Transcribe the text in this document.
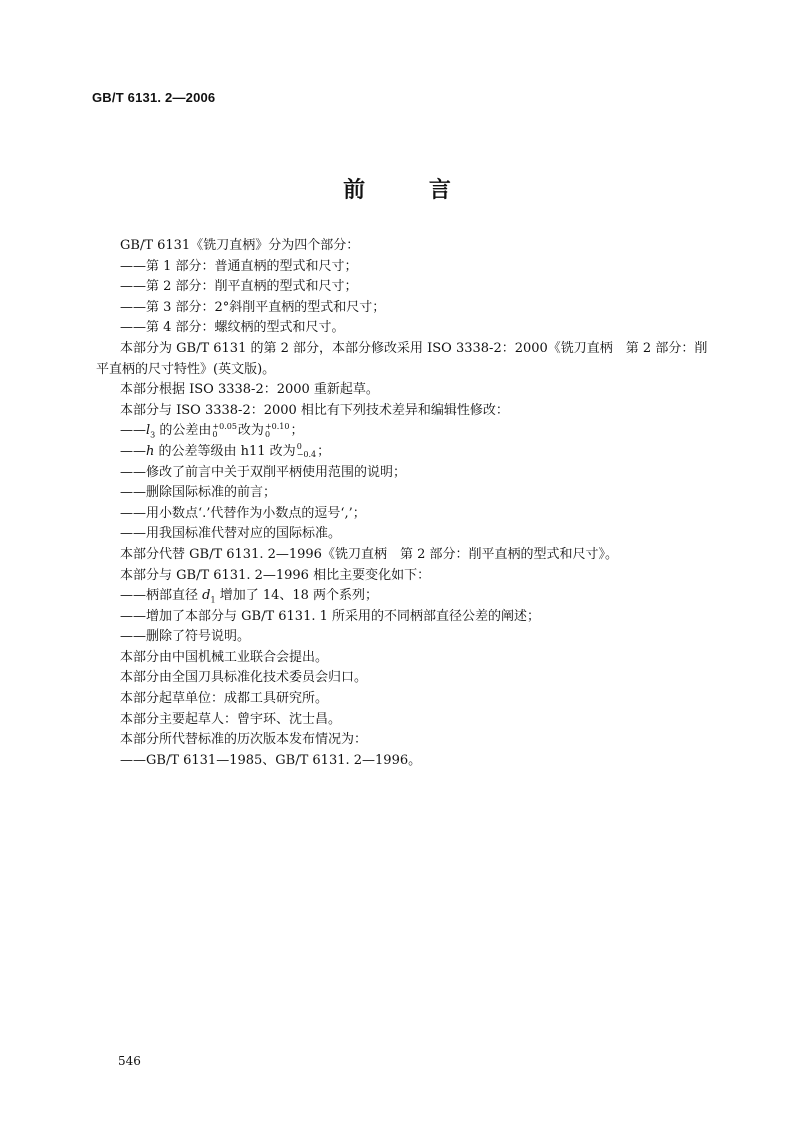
GB/T 6131. 2—2006
前 言
GB/T 6131《铣刀直柄》分为四个部分：
——第 1 部分：普通直柄的型式和尺寸；
——第 2 部分：削平直柄的型式和尺寸；
——第 3 部分：2°斜削平直柄的型式和尺寸；
——第 4 部分：螺纹柄的型式和尺寸。
本部分为 GB/T 6131 的第 2 部分，本部分修改采用 ISO 3338-2：2000《铣刀直柄　第 2 部分：削平直柄的尺寸特性》(英文版)。
本部分根据 ISO 3338-2：2000 重新起草。
本部分与 ISO 3338-2：2000 相比有下列技术差异和编辑性修改：
$——l_3$ 的公差由 +0.05
0	改为 +0.10
0	；
——h 的公差等级由 h11 改为 0
−0.4 ；
——修改了前言中关于双削平柄使用范围的说明；
——删除国际标准的前言；
——用小数点‘.’代替作为小数点的逗号‘,’；
——用我国标准代替对应的国际标准。
本部分代替 GB/T 6131. 2—1996《铣刀直柄　第 2 部分：削平直柄的型式和尺寸》。
本部分与 GB/T 6131. 2—1996 相比主要变化如下：
——柄部直径 $d_1$ 增加了 14、18 两个系列；
——增加了本部分与 GB/T 6131. 1 所采用的不同柄部直径公差的阐述；
——删除了符号说明。
本部分由中国机械工业联合会提出。
本部分由全国刀具标准化技术委员会归口。
本部分起草单位：成都工具研究所。
本部分主要起草人：曾宇环、沈士昌。
本部分所代替标准的历次版本发布情况为：
——GB/T 6131—1985、GB/T 6131. 2—1996。
546
